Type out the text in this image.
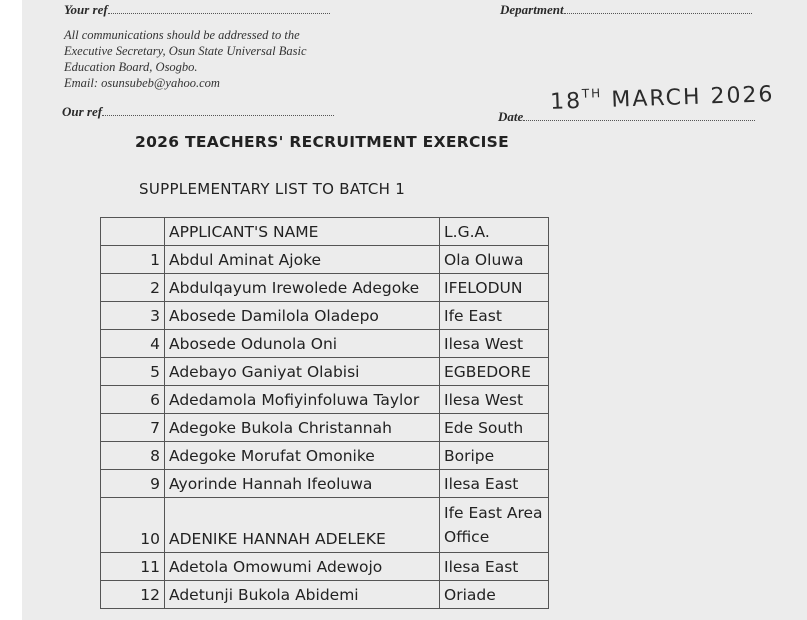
Your ref	Department
All communications should be addressed to the
Executive Secretary, Osun State Universal Basic
Education Board, Osogbo.
Email: osunsubeb@yahoo.com
Our ref	Date
18TH MARCH 2026
2026 TEACHERS' RECRUITMENT EXERCISE
SUPPLEMENTARY LIST TO BATCH 1
	APPLICANT'S NAME	L.G.A.
1	Abdul Aminat Ajoke	Ola Oluwa
2	Abdulqayum Irewolede Adegoke	IFELODUN
3	Abosede Damilola Oladepo	Ife East
4	Abosede Odunola Oni	Ilesa West
5	Adebayo Ganiyat Olabisi	EGBEDORE
6	Adedamola Mofiyinfoluwa Taylor	Ilesa West
7	Adegoke Bukola Christannah	Ede South
8	Adegoke Morufat Omonike	Boripe
9	Ayorinde Hannah Ifeoluwa	Ilesa East
10	ADENIKE HANNAH ADELEKE	Ife East Area Office
11	Adetola Omowumi Adewojo	Ilesa East
12	Adetunji Bukola Abidemi	Oriade
